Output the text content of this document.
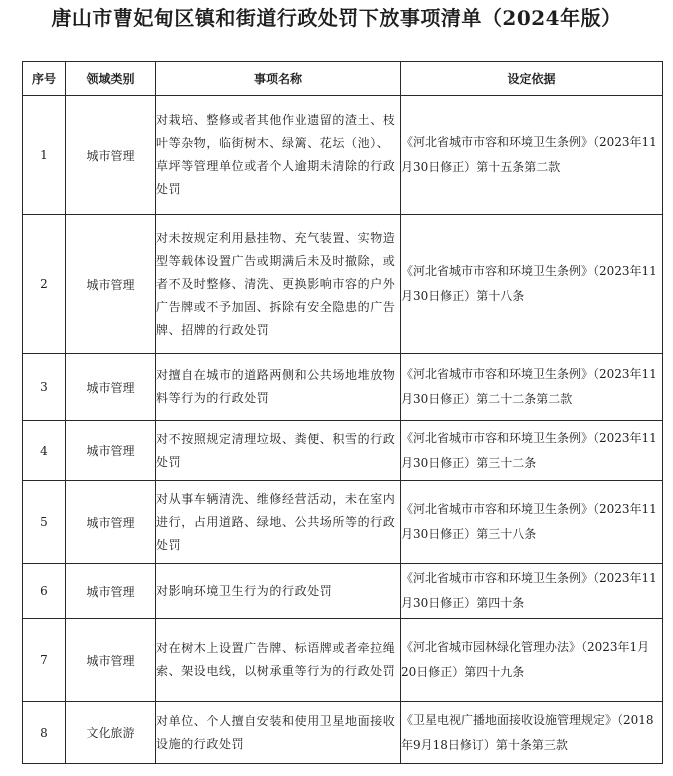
唐山市曹妃甸区镇和街道行政处罚下放事项清单（2024年版）
序号	领域类别	事项名称	设定依据
1	城市管理	对栽培、整修或者其他作业遗留的渣土、枝叶等杂物，临街树木、绿篱、花坛（池）、草坪等管理单位或者个人逾期未清除的行政处罚	《河北省城市市容和环境卫生条例》（2023年11月30日修正）第十五条第二款
2	城市管理	对未按规定利用悬挂物、充气装置、实物造型等载体设置广告或期满后未及时撤除，或者不及时整修、清洗、更换影响市容的户外广告牌或不予加固、拆除有安全隐患的广告牌、招牌的行政处罚	《河北省城市市容和环境卫生条例》（2023年11月30日修正）第十八条
3	城市管理	对擅自在城市的道路两侧和公共场地堆放物料等行为的行政处罚	《河北省城市市容和环境卫生条例》（2023年11月30日修正）第二十二条第二款
4	城市管理	对不按照规定清理垃圾、粪便、积雪的行政处罚	《河北省城市市容和环境卫生条例》（2023年11月30日修正）第三十二条
5	城市管理	对从事车辆清洗、维修经营活动，未在室内进行，占用道路、绿地、公共场所等的行政处罚	《河北省城市市容和环境卫生条例》（2023年11月30日修正）第三十八条
6	城市管理	对影响环境卫生行为的行政处罚	《河北省城市市容和环境卫生条例》（2023年11月30日修正）第四十条
7	城市管理	对在树木上设置广告牌、标语牌或者牵拉绳索、架设电线，以树承重等行为的行政处罚	《河北省城市园林绿化管理办法》（2023年1月20日修正）第四十九条
8	文化旅游	对单位、个人擅自安装和使用卫星地面接收设施的行政处罚	《卫星电视广播地面接收设施管理规定》（2018年9月18日修订）第十条第三款
